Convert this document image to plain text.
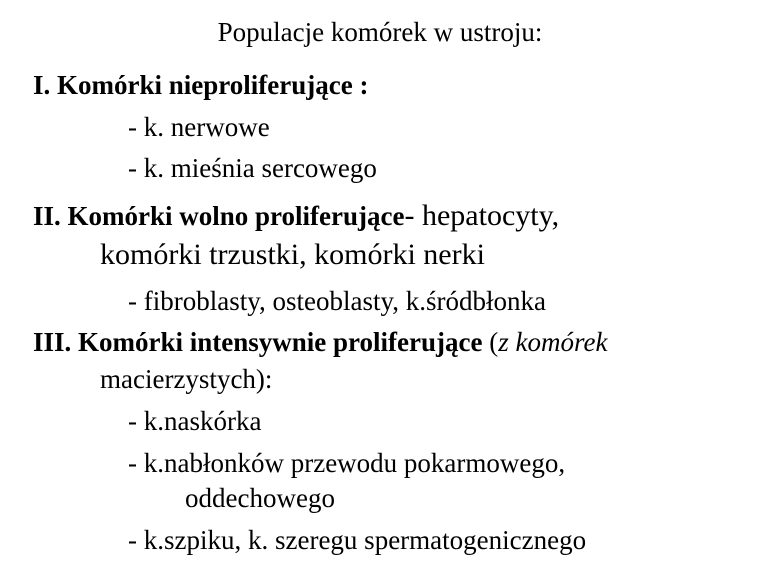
Populacje komórek w ustroju:
I. Komórki nieproliferujące :
- k. nerwowe
- k. mieśnia sercowego
II. Komórki wolno proliferujące- hepatocyty,
komórki trzustki, komórki nerki
- fibroblasty, osteoblasty, k.śródbłonka
III. Komórki intensywnie proliferujące (z komórek
macierzystych):
- k.naskórka
- k.nabłonków przewodu pokarmowego,
oddechowego
- k.szpiku, k. szeregu spermatogenicznego
